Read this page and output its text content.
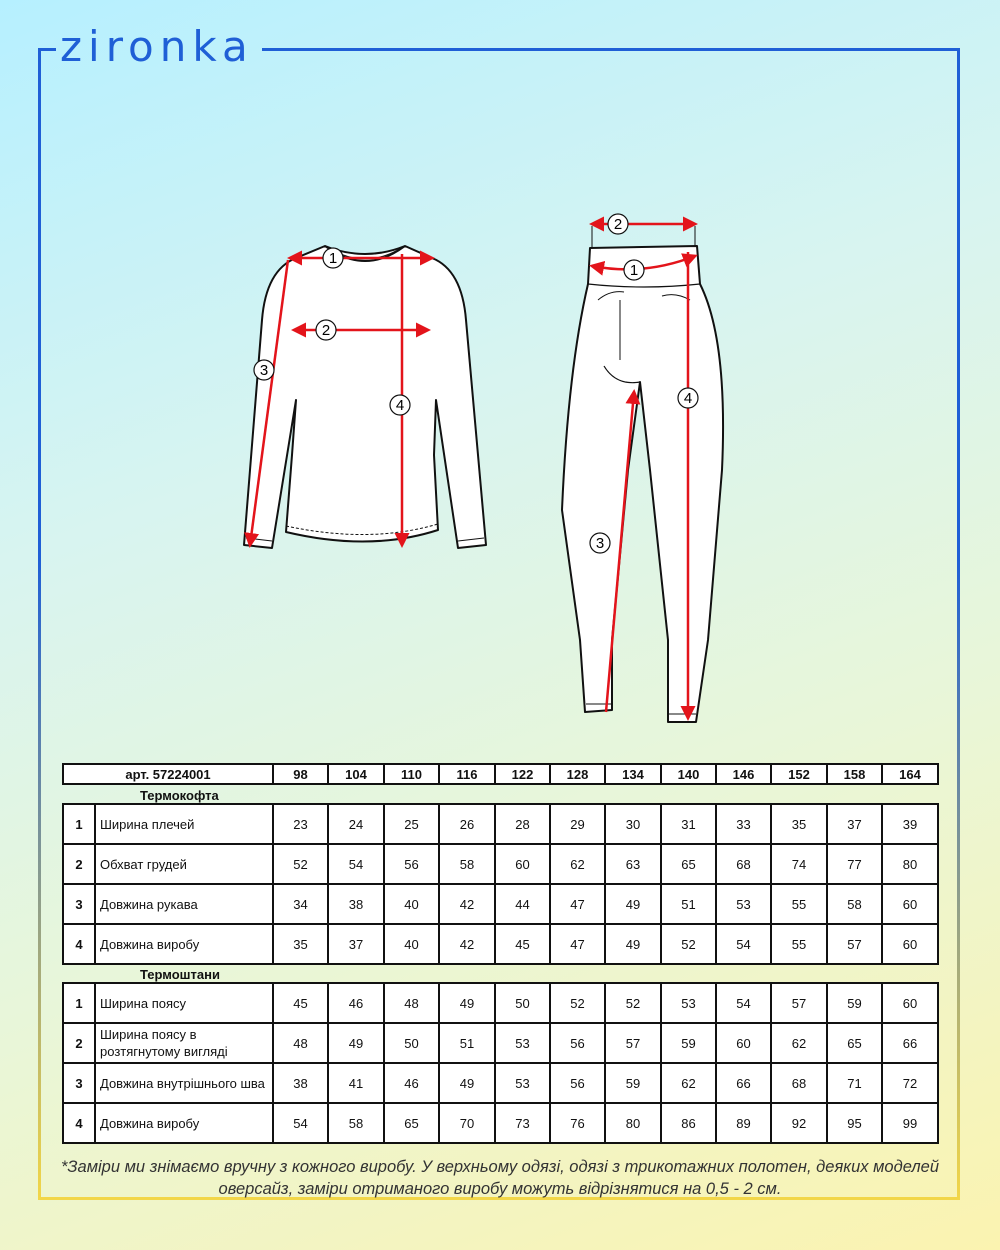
zironka
1
2
3
4
2
1
3
4
арт. 57224001	98	104	110	116	122	128	134	140	146	152	158	164
Термокофта
1	Ширина плечей	23	24	25	26	28	29	30	31	33	35	37	39
2	Обхват грудей	52	54	56	58	60	62	63	65	68	74	77	80
3	Довжина рукава	34	38	40	42	44	47	49	51	53	55	58	60
4	Довжина виробу	35	37	40	42	45	47	49	52	54	55	57	60
Термоштани
1	Ширина поясу	45	46	48	49	50	52	52	53	54	57	59	60
2	Ширина поясу в розтягнутому вигляді	48	49	50	51	53	56	57	59	60	62	65	66
3	Довжина внутрішнього шва	38	41	46	49	53	56	59	62	66	68	71	72
4	Довжина виробу	54	58	65	70	73	76	80	86	89	92	95	99
*Заміри ми знімаємо вручну з кожного виробу. У верхньому одязі, одязі з трикотажних полотен, деяких моделей оверсайз, заміри отриманого виробу можуть відрізнятися на 0,5 - 2 см.
